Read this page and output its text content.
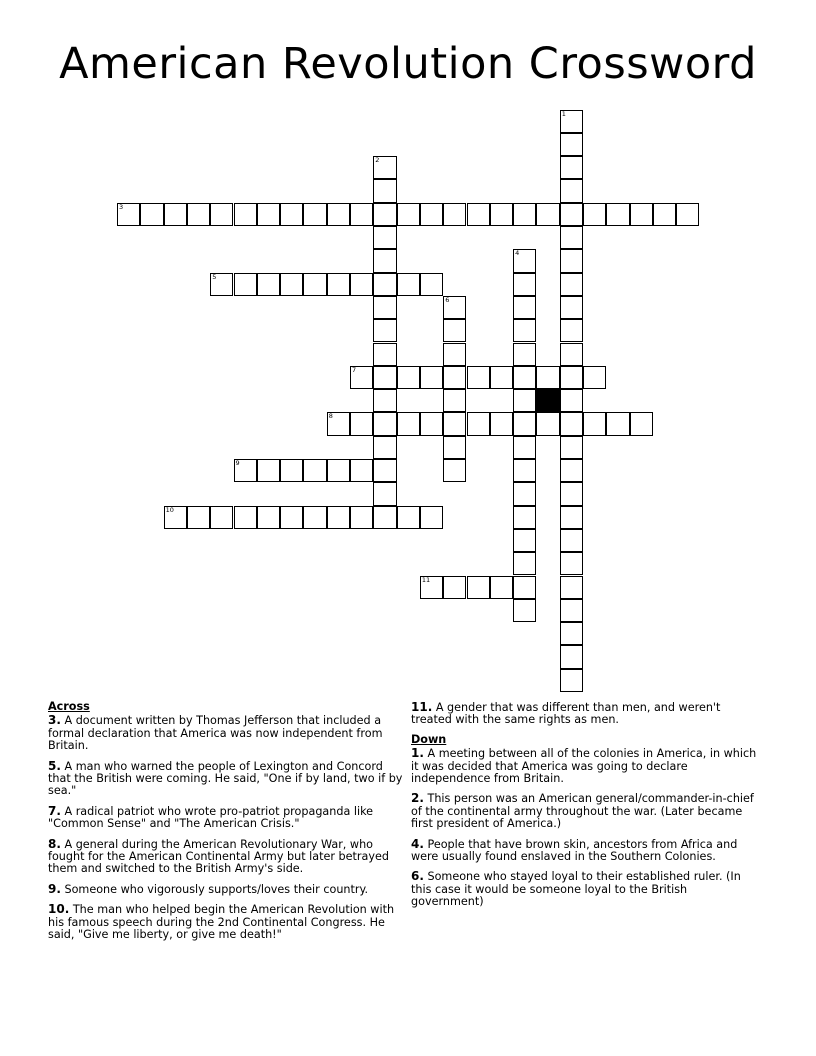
American Revolution Crossword
1
2
3
4
5
6
7
8
9
10
11
Across
3. A document written by Thomas Jefferson that included a formal declaration that America was now independent from Britain.
5. A man who warned the people of Lexington and Concord that the British were coming. He said, "One if by land, two if by sea."
7. A radical patriot who wrote pro-patriot propaganda like "Common Sense" and "The American Crisis."
8. A general during the American Revolutionary War, who fought for the American Continental Army but later betrayed them and switched to the British Army's side.
9. Someone who vigorously supports/loves their country.
10. The man who helped begin the American Revolution with his famous speech during the 2nd Continental Congress. He said, "Give me liberty, or give me death!"
11. A gender that was different than men, and weren't treated with the same rights as men.
Down
1. A meeting between all of the colonies in America, in which it was decided that America was going to declare independence from Britain.
2. This person was an American general/commander-in-chief of the continental army throughout the war. (Later became first president of America.)
4. People that have brown skin, ancestors from Africa and were usually found enslaved in the Southern Colonies.
6. Someone who stayed loyal to their established ruler. (In this case it would be someone loyal to the British government)
